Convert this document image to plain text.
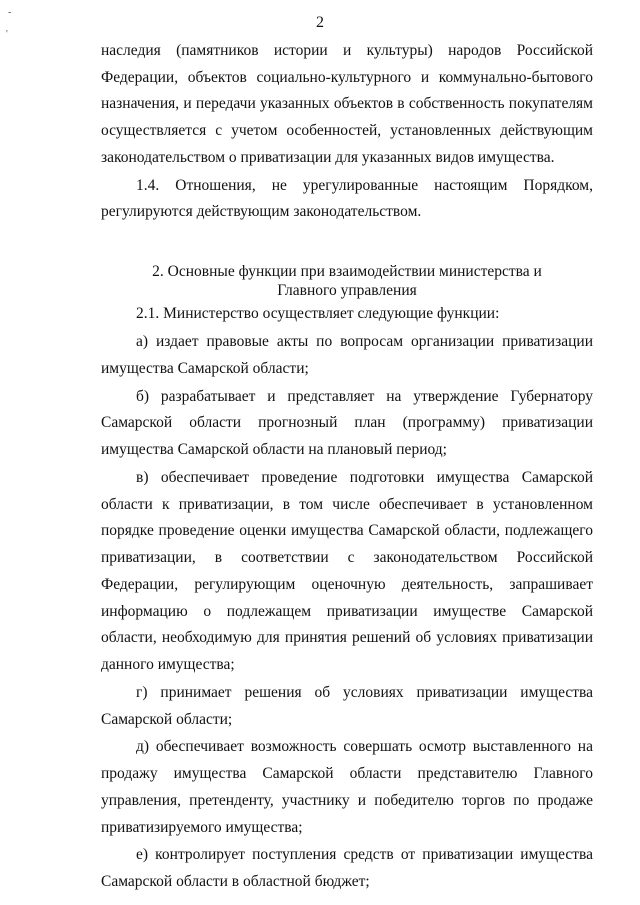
-
'
2

наследия (памятников истории и культуры) народов Российской Федерации, объектов социально-культурного и коммунально-бытового назначения, и передачи указанных объектов в собственность покупателям осуществляется с учетом особенностей, установленных действующим законодательством о приватизации для указанных видов имущества.

1.4. Отношения, не урегулированные настоящим Порядком, регулируются действующим законодательством.

2. Основные функции при взаимодействии министерства и
Главного управления

2.1. Министерство осуществляет следующие функции:

а) издает правовые акты по вопросам организации приватизации имущества Самарской области;

б) разрабатывает и представляет на утверждение Губернатору Самарской области прогнозный план (программу) приватизации имущества Самарской области на плановый период;

в) обеспечивает проведение подготовки имущества Самарской области к приватизации, в том числе обеспечивает в установленном порядке проведение оценки имущества Самарской области, подлежащего приватизации, в соответствии с законодательством Российской Федерации, регулирующим оценочную деятельность, запрашивает информацию о подлежащем приватизации имуществе Самарской области, необходимую для принятия решений об условиях приватизации данного имущества;

г) принимает решения об условиях приватизации имущества Самарской области;

д) обеспечивает возможность совершать осмотр выставленного на продажу имущества Самарской области представителю Главного управления, претенденту, участнику и победителю торгов по продаже приватизируемого имущества;

е) контролирует поступления средств от приватизации имущества Самарской области в областной бюджет;
